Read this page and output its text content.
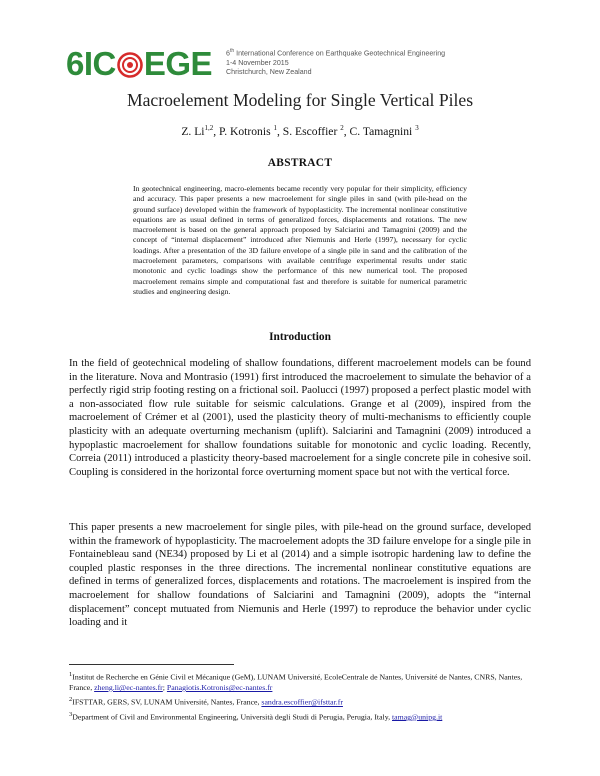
6IC EGE	6th International Conference on Earthquake Geotechnical Engineering
1-4 November 2015
Christchurch, New Zealand
Macroelement Modeling for Single Vertical Piles
Z. Li$^{1,2}$, P. Kotronis $^1$, S. Escoffier $^2$, C. Tamagnini $^3$
ABSTRACT
In geotechnical engineering, macro-elements became recently very popular for their simplicity, efficiency and accuracy. This paper presents a new macroelement for single piles in sand (with pile-head on the ground surface) developed within the framework of hypoplasticity. The incremental nonlinear constitutive equations are as usual defined in terms of generalized forces, displacements and rotations. The new macroelement is based on the general approach proposed by Salciarini and Tamagnini (2009) and the concept of “internal displacement” introduced after Niemunis and Herle (1997), necessary for cyclic loadings. After a presentation of the 3D failure envelope of a single pile in sand and the calibration of the macroelement parameters, comparisons with available centrifuge experimental results under static monotonic and cyclic loadings show the performance of this new numerical tool. The proposed macroelement remains simple and computational fast and therefore is suitable for numerical parametric studies and engineering design.
Introduction
In the field of geotechnical modeling of shallow foundations, different macroelement models can be found in the literature. Nova and Montrasio (1991) first introduced the macroelement to simulate the behavior of a perfectly rigid strip footing resting on a frictional soil. Paolucci (1997) proposed a perfect plastic model with a non-associated flow rule suitable for seismic calculations. Grange et al (2009), inspired from the macroelement of Crémer et al (2001), used the plasticity theory of multi-mechanisms to efficiently couple plasticity with an adequate overturning mechanism (uplift). Salciarini and Tamagnini (2009) introduced a hypoplastic macroelement for shallow foundations suitable for monotonic and cyclic loading. Recently, Correia (2011) introduced a plasticity theory-based macroelement for a single concrete pile in cohesive soil. Coupling is considered in the horizontal force overturning moment space but not with the vertical force.
This paper presents a new macroelement for single piles, with pile-head on the ground surface, developed within the framework of hypoplasticity. The macroelement adopts the 3D failure envelope for a single pile in Fontainebleau sand (NE34) proposed by Li et al (2014) and a simple isotropic hardening law to define the coupled plastic responses in the three directions. The incremental nonlinear constitutive equations are defined in terms of generalized forces, displacements and rotations. The macroelement is inspired from the macroelement for shallow foundations of Salciarini and Tamagnini (2009), adopts the “internal displacement” concept mutuated from Niemunis and Herle (1997) to reproduce the behavior under cyclic loading and it
$^1$Institut de Recherche en Génie Civil et Mécanique (GeM), LUNAM Université, EcoleCentrale de Nantes, Université de Nantes, CNRS, Nantes, France, zheng.li@ec-nantes.fr; Panagiotis.Kotronis@ec-nantes.fr
$^2$IFSTTAR, GERS, SV, LUNAM Université, Nantes, France, sandra.escoffier@ifsttar.fr
$^3$Department of Civil and Environmental Engineering, Università degli Studi di Perugia, Perugia, Italy, tamag@unipg.it
